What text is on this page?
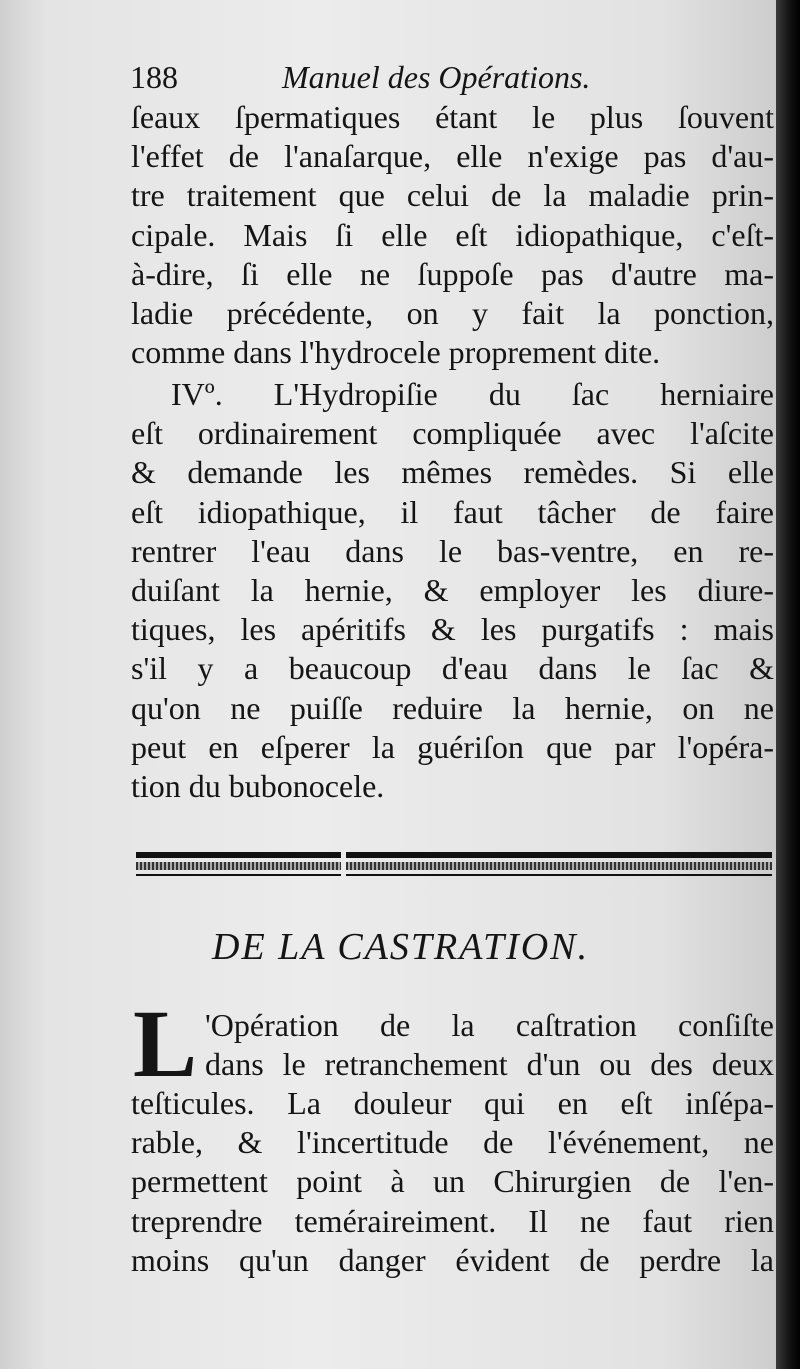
188	Manuel des Opérations.
ſeaux ſpermatiques étant le plus ſouvent
l'effet de l'anaſarque, elle n'exige pas d'au-
tre traitement que celui de la maladie prin-
cipale. Mais ſi elle eſt idiopathique, c'eſt-
à-dire, ſi elle ne ſuppoſe pas d'autre ma-
ladie précédente, on y fait la ponction,
comme dans l'hydrocele proprement dite.
IVº. L'Hydropiſie du ſac herniaire
eſt ordinairement compliquée avec l'aſcite
& demande les mêmes remèdes. Si elle
eſt idiopathique, il faut tâcher de faire
rentrer l'eau dans le bas-ventre, en re-
duiſant la hernie, & employer les diure-
tiques, les apéritifs & les purgatifs : mais
s'il y a beaucoup d'eau dans le ſac &
qu'on ne puiſſe reduire la hernie, on ne
peut en eſperer la guériſon que par l'opéra-
tion du bubonocele.
DE LA CASTRATION.
L 'Opération de la caſtration conſiſte
dans le retranchement d'un ou des deux
teſticules. La douleur qui en eſt inſépa-
rable, & l'incertitude de l'événement, ne
permettent point à un Chirurgien de l'en-
treprendre teméraireiment. Il ne faut rien
moins qu'un danger évident de perdre la
